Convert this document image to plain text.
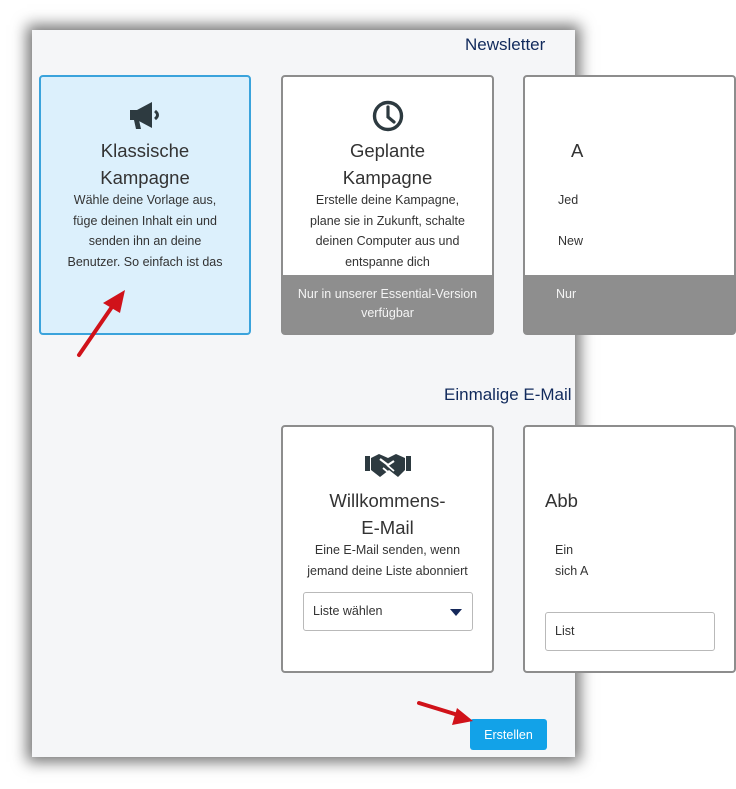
Newsletter
Klassische
Kampagne
Wähle deine Vorlage aus,
füge deinen Inhalt ein und
senden ihn an deine
Benutzer. So einfach ist das
Geplante
Kampagne
Erstelle deine Kampagne,
plane sie in Zukunft, schalte
deinen Computer aus und
entspanne dich
Nur in unserer Essential-Version
verfügbar
A
Jed

New
Nur
Einmalige E-Mail
Willkommens-
E-Mail
Eine E-Mail senden, wenn
jemand deine Liste abonniert
Liste wählen
Abb
Ein
sich A
List
Erstellen
